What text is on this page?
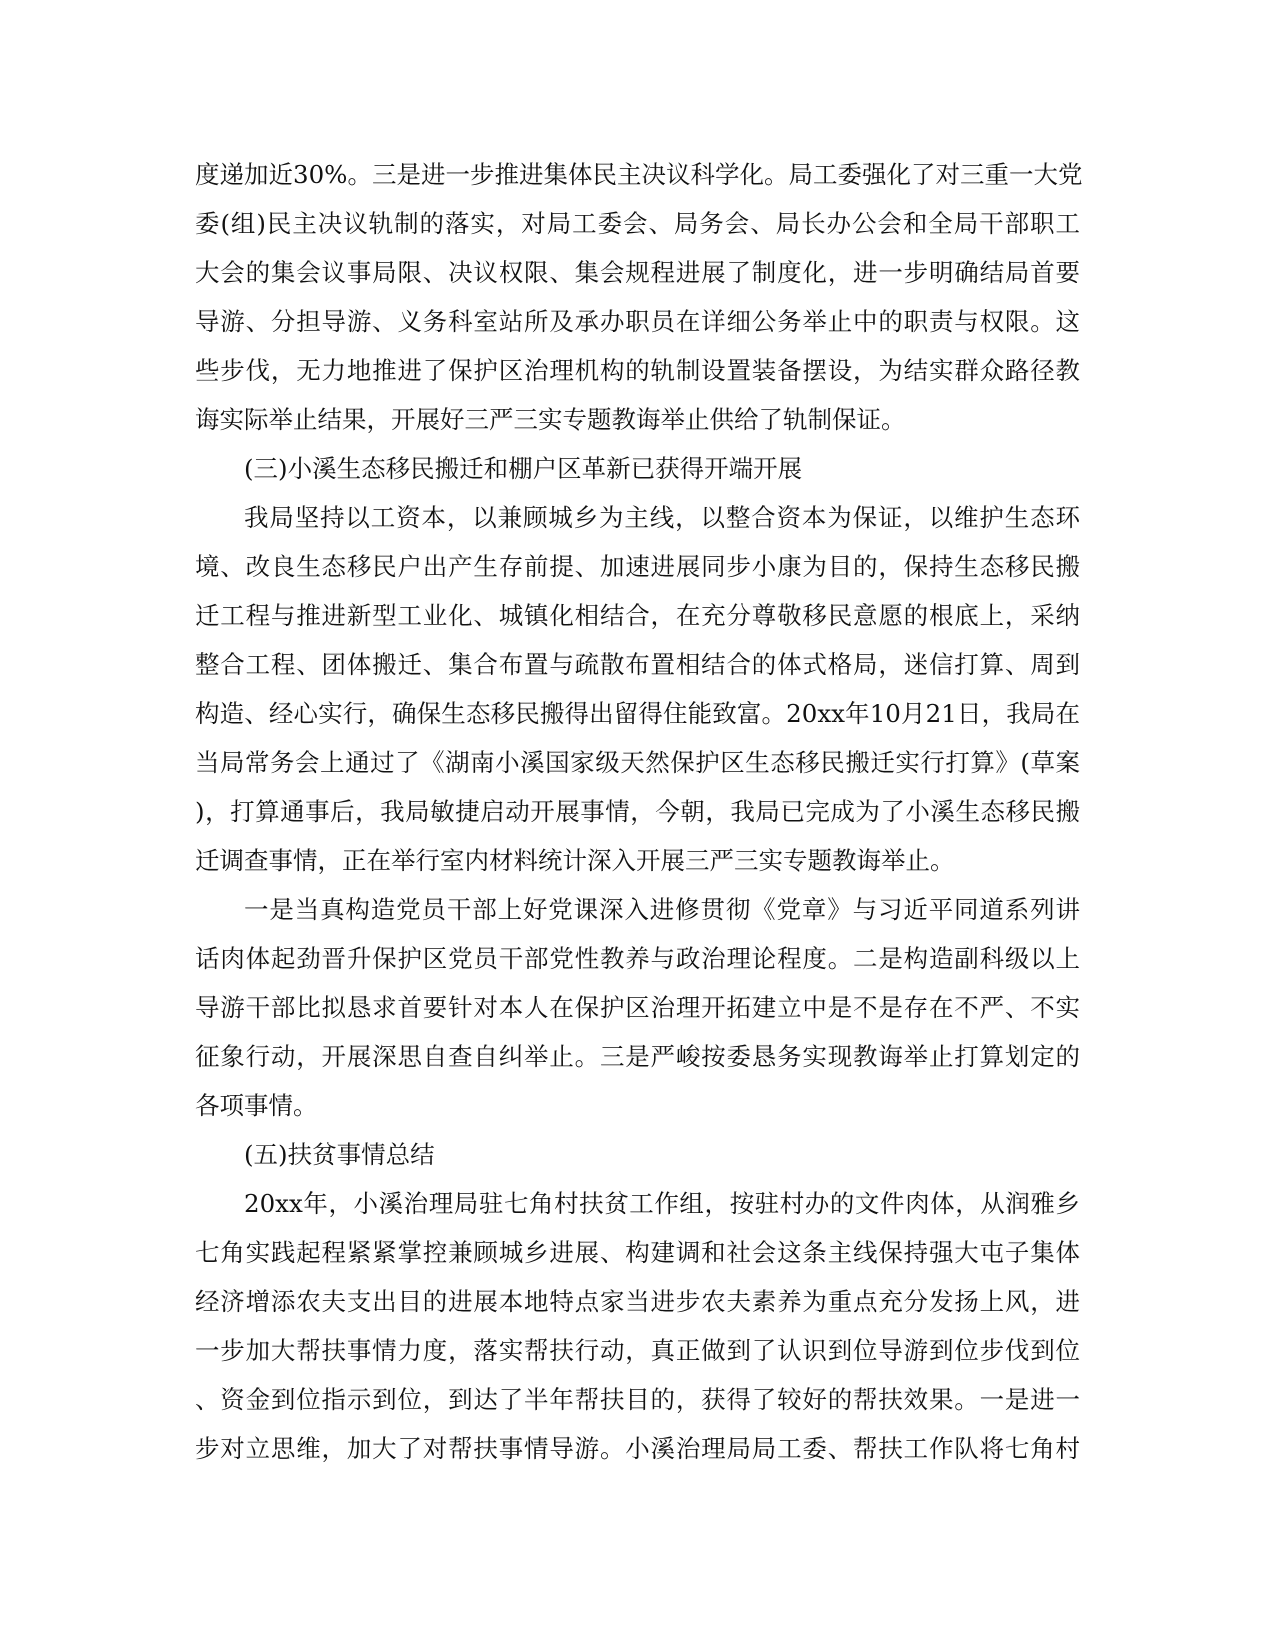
度递加近30%。三是进一步推进集体民主决议科学化。局工委强化了对三重一大党
委(组)民主决议轨制的落实，对局工委会、局务会、局长办公会和全局干部职工
大会的集会议事局限、决议权限、集会规程进展了制度化，进一步明确结局首要
导游、分担导游、义务科室站所及承办职员在详细公务举止中的职责与权限。这
些步伐，无力地推进了保护区治理机构的轨制设置装备摆设，为结实群众路径教
诲实际举止结果，开展好三严三实专题教诲举止供给了轨制保证。
(三)小溪生态移民搬迁和棚户区革新已获得开端开展
我局坚持以工资本，以兼顾城乡为主线，以整合资本为保证，以维护生态环
境、改良生态移民户出产生存前提、加速进展同步小康为目的，保持生态移民搬
迁工程与推进新型工业化、城镇化相结合，在充分尊敬移民意愿的根底上，采纳
整合工程、团体搬迁、集合布置与疏散布置相结合的体式格局，迷信打算、周到
构造、经心实行，确保生态移民搬得出留得住能致富。20xx年10月21日，我局在
当局常务会上通过了《湖南小溪国家级天然保护区生态移民搬迁实行打算》(草案
)，打算通事后，我局敏捷启动开展事情，今朝，我局已完成为了小溪生态移民搬
迁调查事情，正在举行室内材料统计深入开展三严三实专题教诲举止。
一是当真构造党员干部上好党课深入进修贯彻《党章》与习近平同道系列讲
话肉体起劲晋升保护区党员干部党性教养与政治理论程度。二是构造副科级以上
导游干部比拟恳求首要针对本人在保护区治理开拓建立中是不是存在不严、不实
征象行动，开展深思自查自纠举止。三是严峻按委恳务实现教诲举止打算划定的
各项事情。
(五)扶贫事情总结
20xx年，小溪治理局驻七角村扶贫工作组，按驻村办的文件肉体，从润雅乡
七角实践起程紧紧掌控兼顾城乡进展、构建调和社会这条主线保持强大屯子集体
经济增添农夫支出目的进展本地特点家当进步农夫素养为重点充分发扬上风，进
一步加大帮扶事情力度，落实帮扶行动，真正做到了认识到位导游到位步伐到位
、资金到位指示到位，到达了半年帮扶目的，获得了较好的帮扶效果。一是进一
步对立思维，加大了对帮扶事情导游。小溪治理局局工委、帮扶工作队将七角村
